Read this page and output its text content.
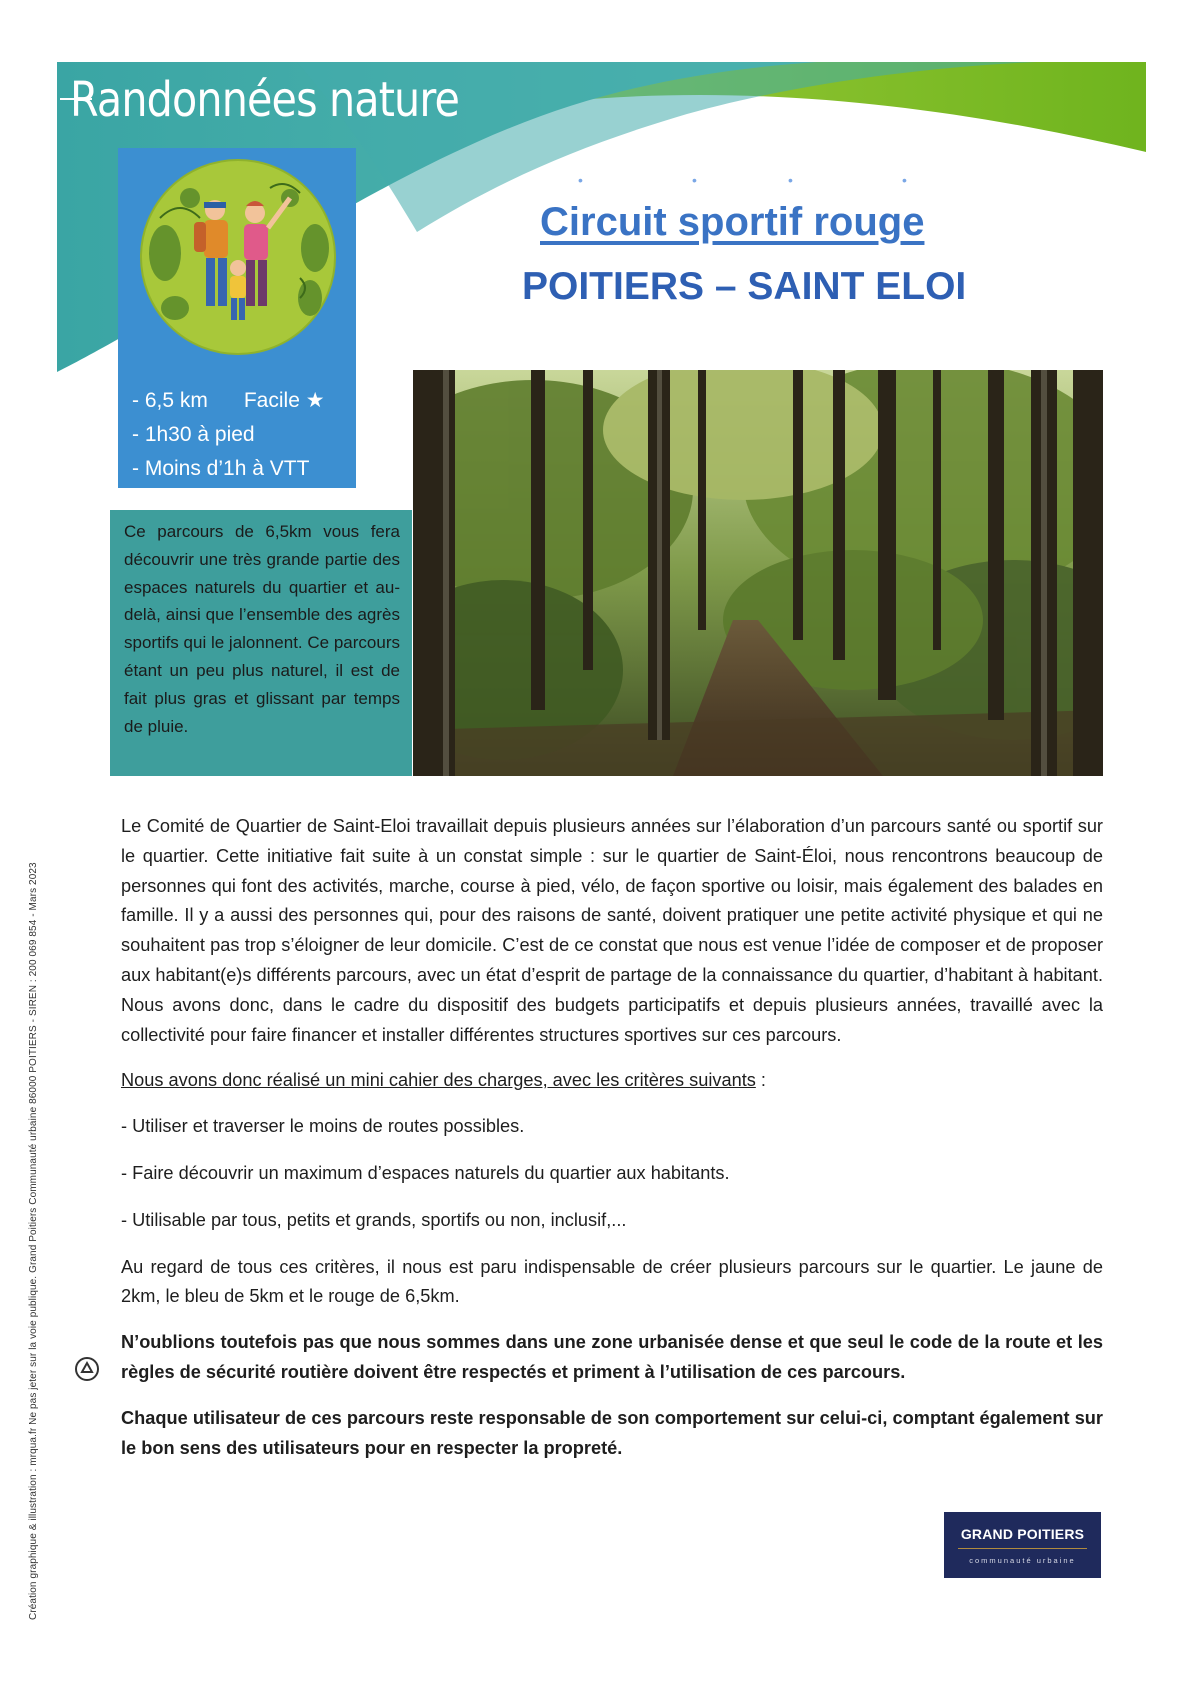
Randonnées nature
- 6,5 km Facile ★
- 1h30 à pied
- Moins d’1h à VTT
•	•	•	•
Circuit sportif rouge
POITIERS – SAINT ELOI
Ce parcours de 6,5km vous fera découvrir une très grande partie des espaces naturels du quartier et au-delà, ainsi que l’ensemble des agrès sportifs qui le jalonnent. Ce parcours étant un peu plus naturel, il est de fait plus gras et glissant par temps de pluie.
Création graphique & illustration : mrqua.fr Ne pas jeter sur la voie publique. Grand Poitiers Communauté urbaine 86000 POITIERS - SIREN : 200 069 854 - Mars 2023

Le Comité de Quartier de Saint-Eloi travaillait depuis plusieurs années sur l’élaboration d’un parcours santé ou sportif sur le quartier. Cette initiative fait suite à un constat simple : sur le quartier de Saint-Éloi, nous rencontrons beaucoup de personnes qui font des activités, marche, course à pied, vélo, de façon sportive ou loisir, mais également des balades en famille. Il y a aussi des personnes qui, pour des raisons de santé, doivent pratiquer une petite activité physique et qui ne souhaitent pas trop s’éloigner de leur domicile. C’est de ce constat que nous est venue l’idée de composer et de proposer aux habitant(e)s différents parcours, avec un état d’esprit de partage de la connaissance du quartier, d’habitant à habitant. Nous avons donc, dans le cadre du dispositif des budgets participatifs et depuis plusieurs années, travaillé avec la collectivité pour faire financer et installer différentes structures sportives sur ces parcours.

Nous avons donc réalisé un mini cahier des charges, avec les critères suivants :

- Utiliser et traverser le moins de routes possibles.
- Faire découvrir un maximum d’espaces naturels du quartier aux habitants.
- Utilisable par tous, petits et grands, sportifs ou non, inclusif,...

Au regard de tous ces critères, il nous est paru indispensable de créer plusieurs parcours sur le quartier. Le jaune de 2km, le bleu de 5km et le rouge de 6,5km.

N’oublions toutefois pas que nous sommes dans une zone urbanisée dense et que seul le code de la route et les règles de sécurité routière doivent être respectés et priment à l’utilisation de ces parcours.

Chaque utilisateur de ces parcours reste responsable de son comportement sur celui-ci, comptant également sur le bon sens des utilisateurs pour en respecter la propreté.

GRAND POITIERS
communauté urbaine
